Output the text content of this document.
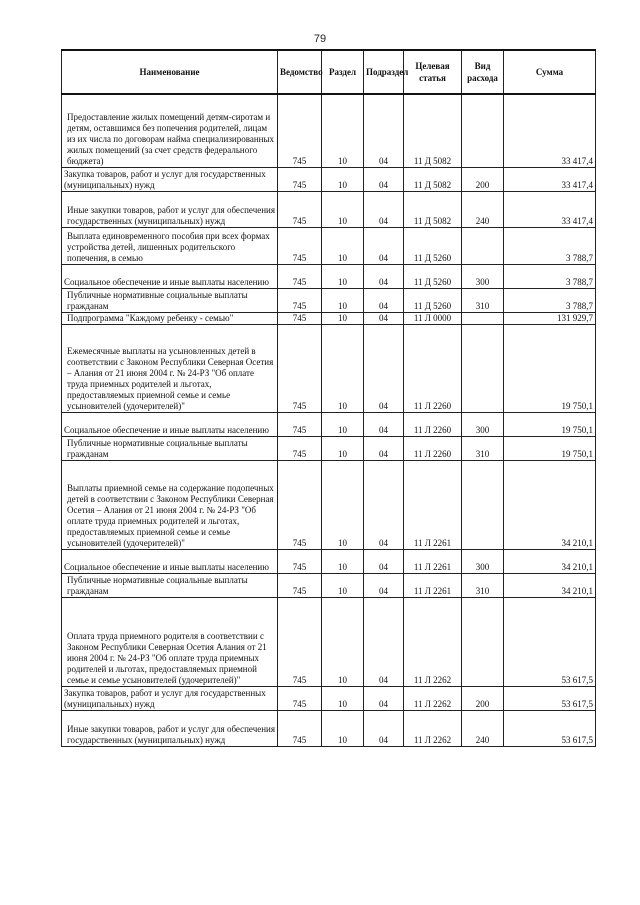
79
Наименование	Ведомство	Раздел	Подраздел	Целевая статья	Вид расхода	Сумма
Предоставление жилых помещений детям-сиротам и детям, оставшимся без попечения родителей, лицам из их числа по договорам найма специализированных жилых помещений (за счет средств федерального бюджета)	745	10	04	11 Д 5082		33 417,4
Закупка товаров, работ и услуг для государственных (муниципальных) нужд	745	10	04	11 Д 5082	200	33 417,4
Иные закупки товаров, работ и услуг для обеспечения государственных (муниципальных) нужд	745	10	04	11 Д 5082	240	33 417,4
Выплата единовременного пособия при всех формах устройства детей, лишенных родительского попечения, в семью	745	10	04	11 Д 5260		3 788,7
Социальное обеспечение и иные выплаты населению	745	10	04	11 Д 5260	300	3 788,7
Публичные нормативные социальные выплаты гражданам	745	10	04	11 Д 5260	310	3 788,7
Подпрограмма "Каждому ребенку - семью"	745	10	04	11 Л 0000		131 929,7
Ежемесячные выплаты на усыновленных детей в соответствии с Законом Республики Северная Осетия – Алания от 21 июня 2004 г. № 24-РЗ "Об оплате труда приемных родителей и льготах, предоставляемых приемной семье и семье усыновителей (удочерителей)"	745	10	04	11 Л 2260		19 750,1
Социальное обеспечение и иные выплаты населению	745	10	04	11 Л 2260	300	19 750,1
Публичные нормативные социальные выплаты гражданам	745	10	04	11 Л 2260	310	19 750,1
Выплаты приемной семье на содержание подопечных детей в соответствии с Законом Республики Северная Осетия – Алания от 21 июня 2004 г. № 24-РЗ "Об оплате труда приемных родителей и льготах, предоставляемых приемной семье и семье усыновителей (удочерителей)"	745	10	04	11 Л 2261		34 210,1
Социальное обеспечение и иные выплаты населению	745	10	04	11 Л 2261	300	34 210,1
Публичные нормативные социальные выплаты гражданам	745	10	04	11 Л 2261	310	34 210,1
Оплата труда приемного родителя в соответствии с Законом Республики Северная Осетия Алания от 21 июня 2004 г. № 24-РЗ "Об оплате труда приемных родителей и льготах, предоставляемых приемной семье и семье усыновителей (удочерителей)"	745	10	04	11 Л 2262		53 617,5
Закупка товаров, работ и услуг для государственных (муниципальных) нужд	745	10	04	11 Л 2262	200	53 617,5
Иные закупки товаров, работ и услуг для обеспечения государственных (муниципальных) нужд	745	10	04	11 Л 2262	240	53 617,5
